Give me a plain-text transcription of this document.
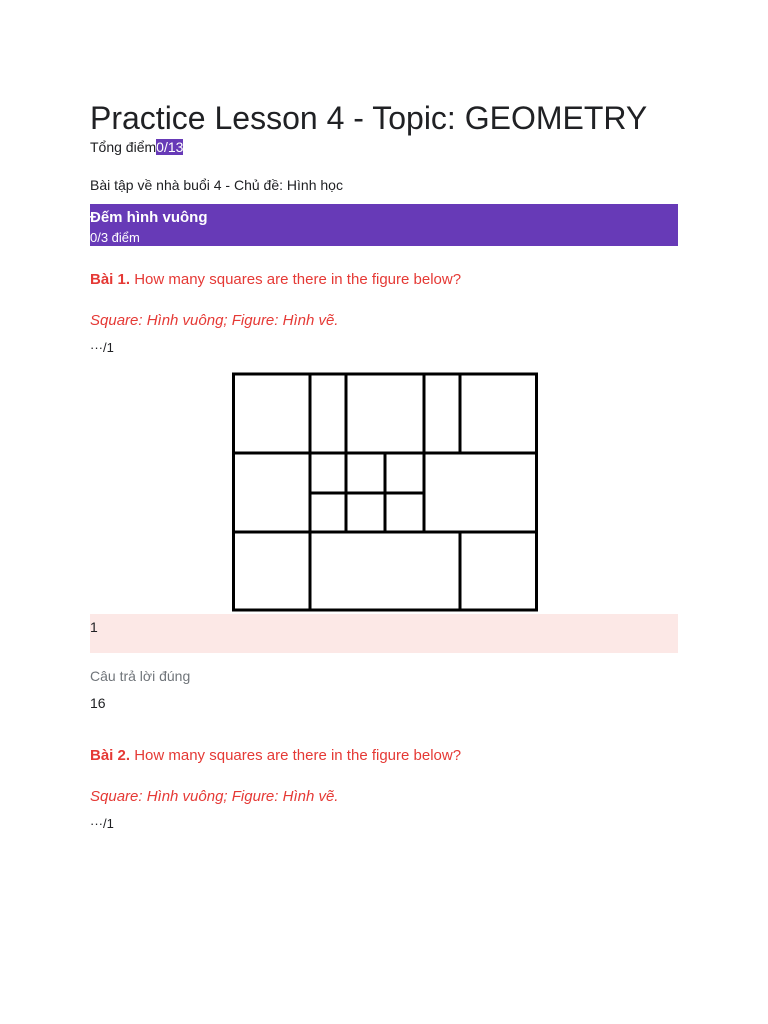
Practice Lesson 4 - Topic: GEOMETRY
Tổng điểm0/13
Bài tập về nhà buổi 4 - Chủ đề: Hình học
Đếm hình vuông
0/3 điểm
Bài 1. How many squares are there in the figure below?
Square: Hình vuông; Figure: Hình vẽ.
···/1
1
Câu trả lời đúng
16
Bài 2. How many squares are there in the figure below?
Square: Hình vuông; Figure: Hình vẽ.
···/1
